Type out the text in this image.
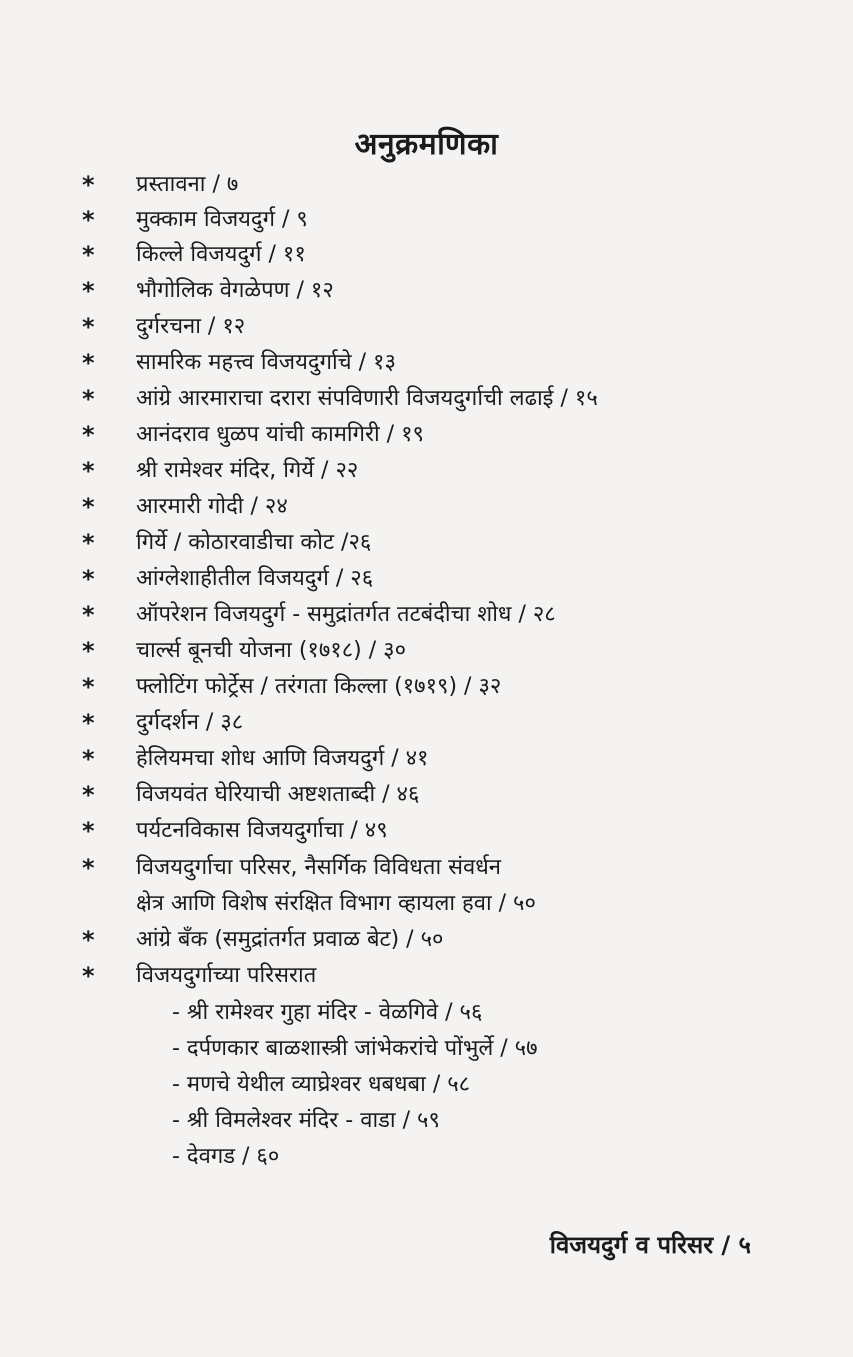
अनुक्रमणिका
*	प्रस्तावना / ७
*	मुक्काम विजयदुर्ग / ९
*	किल्ले विजयदुर्ग / ११
*	भौगोलिक वेगळेपण / १२
*	दुर्गरचना / १२
*	सामरिक महत्त्व विजयदुर्गाचे / १३
*	आंग्रे आरमाराचा दरारा संपविणारी विजयदुर्गाची लढाई / १५
*	आनंदराव धुळप यांची कामगिरी / १९
*	श्री रामेश्वर मंदिर, गिर्ये / २२
*	आरमारी गोदी / २४
*	गिर्ये / कोठारवाडीचा कोट /२६
*	आंग्लेशाहीतील विजयदुर्ग / २६
*	ऑपरेशन विजयदुर्ग - समुद्रांतर्गत तटबंदीचा शोध / २८
*	चार्ल्स बूनची योजना (१७१८) / ३०
*	फ्लोटिंग फोर्ट्रेस / तरंगता किल्ला (१७१९) / ३२
*	दुर्गदर्शन / ३८
*	हेलियमचा शोध आणि विजयदुर्ग / ४१
*	विजयवंत घेरियाची अष्टशताब्दी / ४६
*	पर्यटनविकास विजयदुर्गाचा / ४९
*	विजयदुर्गाचा परिसर, नैसर्गिक विविधता संवर्धन
क्षेत्र आणि विशेष संरक्षित विभाग व्हायला हवा / ५०
*	आंग्रे बँक (समुद्रांतर्गत प्रवाळ बेट) / ५०
*	विजयदुर्गाच्या परिसरात
- श्री रामेश्वर गुहा मंदिर - वेळगिवे / ५६
- दर्पणकार बाळशास्त्री जांभेकरांचे पोंभुर्ले / ५७
- मणचे येथील व्याघ्रेश्वर धबधबा / ५८
- श्री विमलेश्वर मंदिर - वाडा / ५९
- देवगड / ६०
विजयदुर्ग व परिसर / ५
